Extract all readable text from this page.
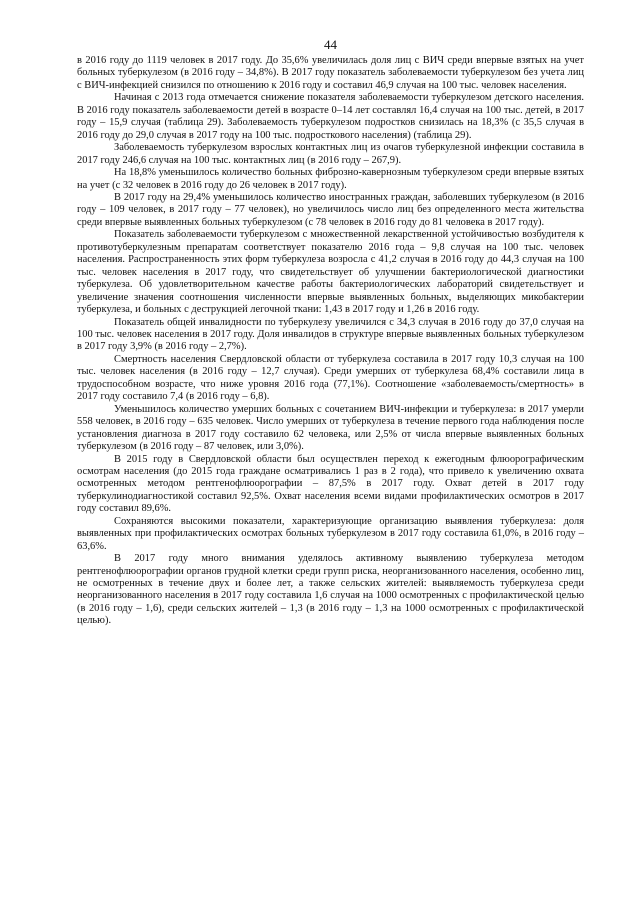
44

в 2016 году до 1119 человек в 2017 году. До 35,6% увеличилась доля лиц с ВИЧ среди впервые взятых на учет больных туберкулезом (в 2016 году – 34,8%). В 2017 году показатель заболеваемости туберкулезом без учета лиц с ВИЧ-инфекцией снизился по отношению к 2016 году и составил 46,9 случая на 100 тыс. человек населения.

Начиная с 2013 года отмечается снижение показателя заболеваемости туберкулезом детского населения. В 2016 году показатель заболеваемости детей в возрасте 0–14 лет составлял 16,4 случая на 100 тыс. детей, в 2017 году – 15,9 случая (таблица 29). Заболеваемость туберкулезом подростков снизилась на 18,3% (с 35,5 случая в 2016 году до 29,0 случая в 2017 году на 100 тыс. подросткового населения) (таблица 29).

Заболеваемость туберкулезом взрослых контактных лиц из очагов туберкулезной инфекции составила в 2017 году 246,6 случая на 100 тыс. контактных лиц (в 2016 году – 267,9).

На 18,8% уменьшилось количество больных фиброзно-кавернозным туберкулезом среди впервые взятых на учет (с 32 человек в 2016 году до 26 человек в 2017 году).

В 2017 году на 29,4% уменьшилось количество иностранных граждан, заболевших туберкулезом (в 2016 году – 109 человек, в 2017 году – 77 человек), но увеличилось число лиц без определенного места жительства среди впервые выявленных больных туберкулезом (с 78 человек в 2016 году до 81 человека в 2017 году).

Показатель заболеваемости туберкулезом с множественной лекарственной устойчивостью возбудителя к противотуберкулезным препаратам соответствует показателю 2016 года – 9,8 случая на 100 тыс. человек населения. Распространенность этих форм туберкулеза возросла с 41,2 случая в 2016 году до 44,3 случая на 100 тыс. человек населения в 2017 году, что свидетельствует об улучшении бактериологической диагностики туберкулеза. Об удовлетворительном качестве работы бактериологических лабораторий свидетельствует и увеличение значения соотношения численности впервые выявленных больных, выделяющих микобактерии туберкулеза, и больных с деструкцией легочной ткани: 1,43 в 2017 году и 1,26 в 2016 году.

Показатель общей инвалидности по туберкулезу увеличился с 34,3 случая в 2016 году до 37,0 случая на 100 тыс. человек населения в 2017 году. Доля инвалидов в структуре впервые выявленных больных туберкулезом в 2017 году 3,9% (в 2016 году – 2,7%).

Смертность населения Свердловской области от туберкулеза составила в 2017 году 10,3 случая на 100 тыс. человек населения (в 2016 году – 12,7 случая). Среди умерших от туберкулеза 68,4% составили лица в трудоспособном возрасте, что ниже уровня 2016 года (77,1%). Соотношение «заболеваемость/смертность» в 2017 году составило 7,4 (в 2016 году – 6,8).

Уменьшилось количество умерших больных с сочетанием ВИЧ-инфекции и туберкулеза: в 2017 умерли 558 человек, в 2016 году – 635 человек. Число умерших от туберкулеза в течение первого года наблюдения после установления диагноза в 2017 году составило 62 человека, или 2,5% от числа впервые выявленных больных туберкулезом (в 2016 году – 87 человек, или 3,0%).

В 2015 году в Свердловской области был осуществлен переход к ежегодным флюорографическим осмотрам населения (до 2015 года граждане осматривались 1 раз в 2 года), что привело к увеличению охвата осмотренных методом рентгенофлюорографии – 87,5% в 2017 году. Охват детей в 2017 году туберкулинодиагностикой составил 92,5%. Охват населения всеми видами профилактических осмотров в 2017 году составил 89,6%.

Сохраняются высокими показатели, характеризующие организацию выявления туберкулеза: доля выявленных при профилактических осмотрах больных туберкулезом в 2017 году составила 61,0%, в 2016 году – 63,6%.

В 2017 году много внимания уделялось активному выявлению туберкулеза методом рентгенофлюорографии органов грудной клетки среди групп риска, неорганизованного населения, особенно лиц, не осмотренных в течение двух и более лет, а также сельских жителей: выявляемость туберкулеза среди неорганизованного населения в 2017 году составила 1,6 случая на 1000 осмотренных с профилактической целью (в 2016 году – 1,6), среди сельских жителей – 1,3 (в 2016 году – 1,3 на 1000 осмотренных с профилактической целью).
